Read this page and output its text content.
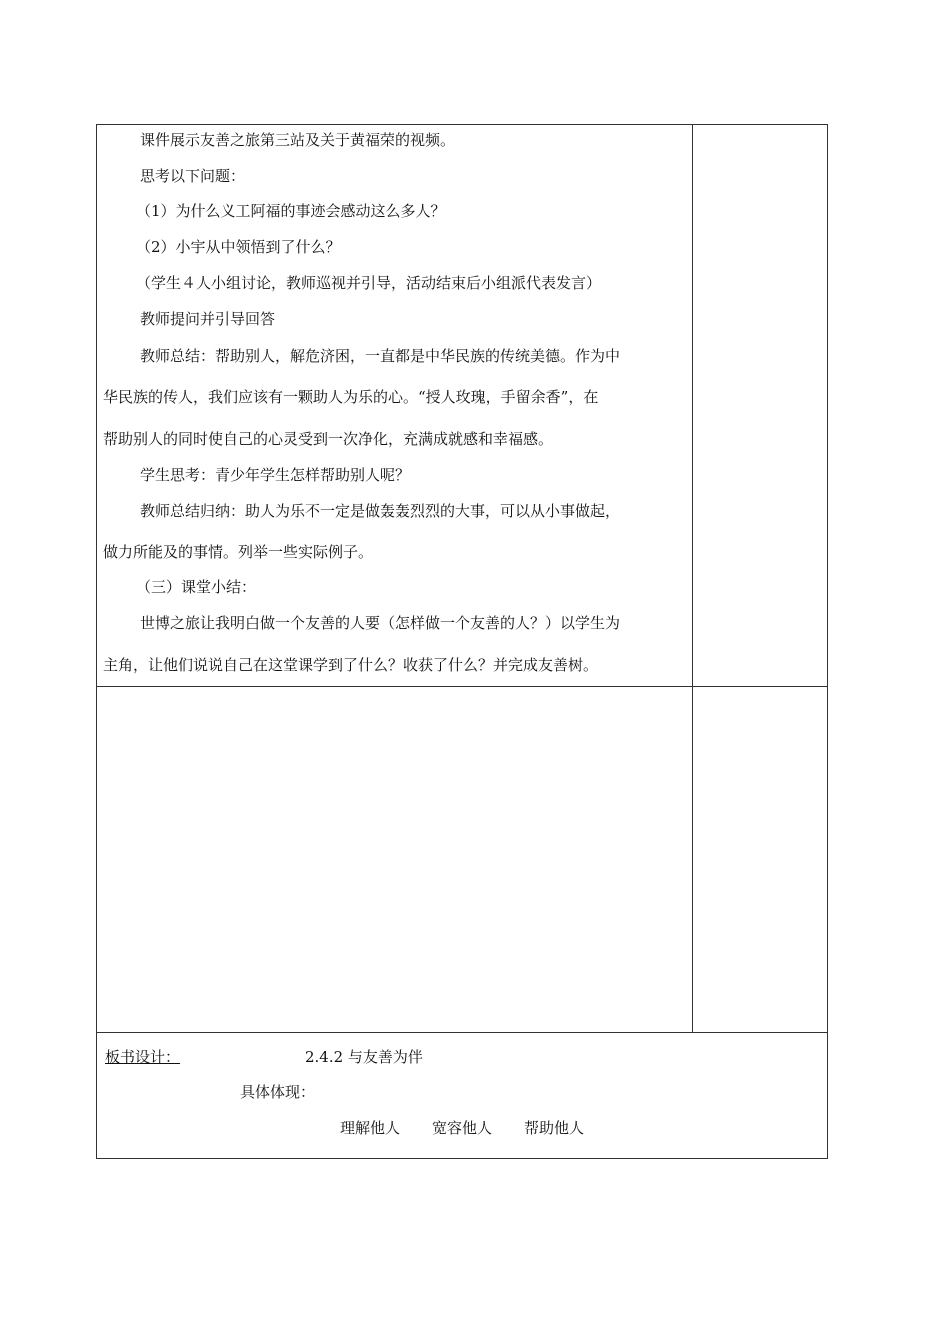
课件展示友善之旅第三站及关于黄福荣的视频。

思考以下问题：

（1）为什么义工阿福的事迹会感动这么多人？

（2）小宇从中领悟到了什么？

（学生４人小组讨论，教师巡视并引导，活动结束后小组派代表发言）

教师提问并引导回答

教师总结：帮助别人，解危济困，一直都是中华民族的传统美德。作为中

华民族的传人，我们应该有一颗助人为乐的心。“授人玫瑰，手留余香”，在

帮助别人的同时使自己的心灵受到一次净化，充满成就感和幸福感。

学生思考：青少年学生怎样帮助别人呢？

教师总结归纳：助人为乐不一定是做轰轰烈烈的大事，可以从小事做起，

做力所能及的事情。列举一些实际例子。

（三）课堂小结：

世博之旅让我明白做一个友善的人要（怎样做一个友善的人？）以学生为

主角，让他们说说自己在这堂课学到了什么？收获了什么？并完成友善树。

板书设计：	2.4.2 与友善为伴
具体体现：
理解他人 宽容他人 帮助他人
